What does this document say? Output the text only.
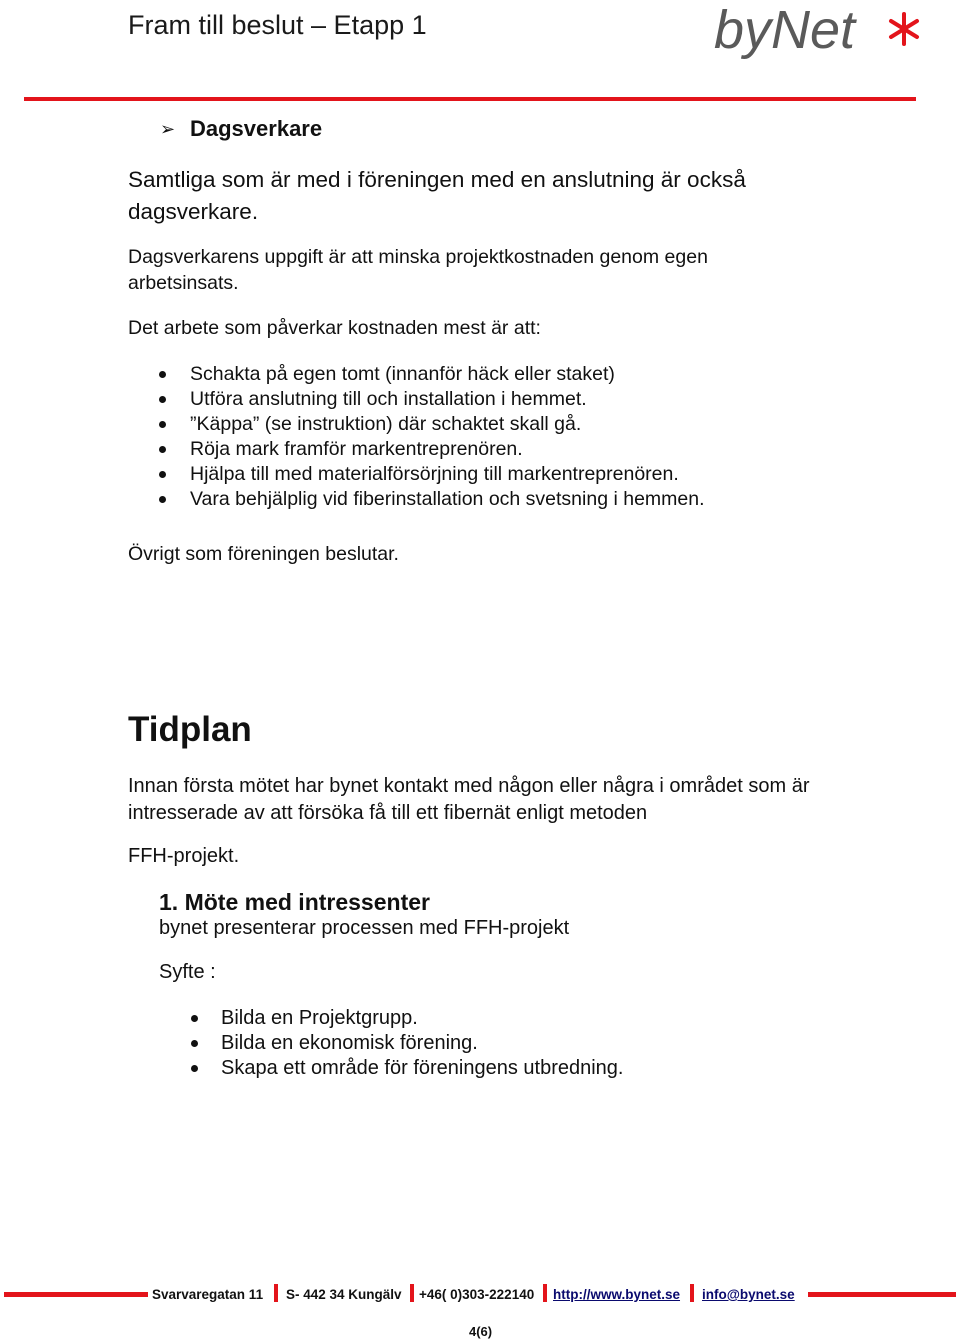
Fram till beslut – Etapp 1	byNet
➢ Dagsverkare
Samtliga som är med i föreningen med en anslutning är också dagsverkare.
Dagsverkarens uppgift är att minska projektkostnaden genom egen arbetsinsats.
Det arbete som påverkar kostnaden mest är att:
Schakta på egen tomt (innanför häck eller staket)
Utföra anslutning till och installation i hemmet.
”Käppa” (se instruktion) där schaktet skall gå.
Röja mark framför markentreprenören.
Hjälpa till med materialförsörjning till markentreprenören.
Vara behjälplig vid fiberinstallation och svetsning i hemmen.
Övrigt som föreningen beslutar.
Tidplan
Innan första mötet har bynet kontakt med någon eller några i området som är intresserade av att försöka få till ett fibernät enligt metoden
FFH-projekt.
1. Möte med intressenter
bynet presenterar processen med FFH-projekt
Syfte :
Bilda en Projektgrupp.
Bilda en ekonomisk förening.
Skapa ett område för föreningens utbredning.
Svarvaregatan 11 S- 442 34 Kungälv +46( 0)303-222140 http://www.bynet.se info@bynet.se
4(6)
